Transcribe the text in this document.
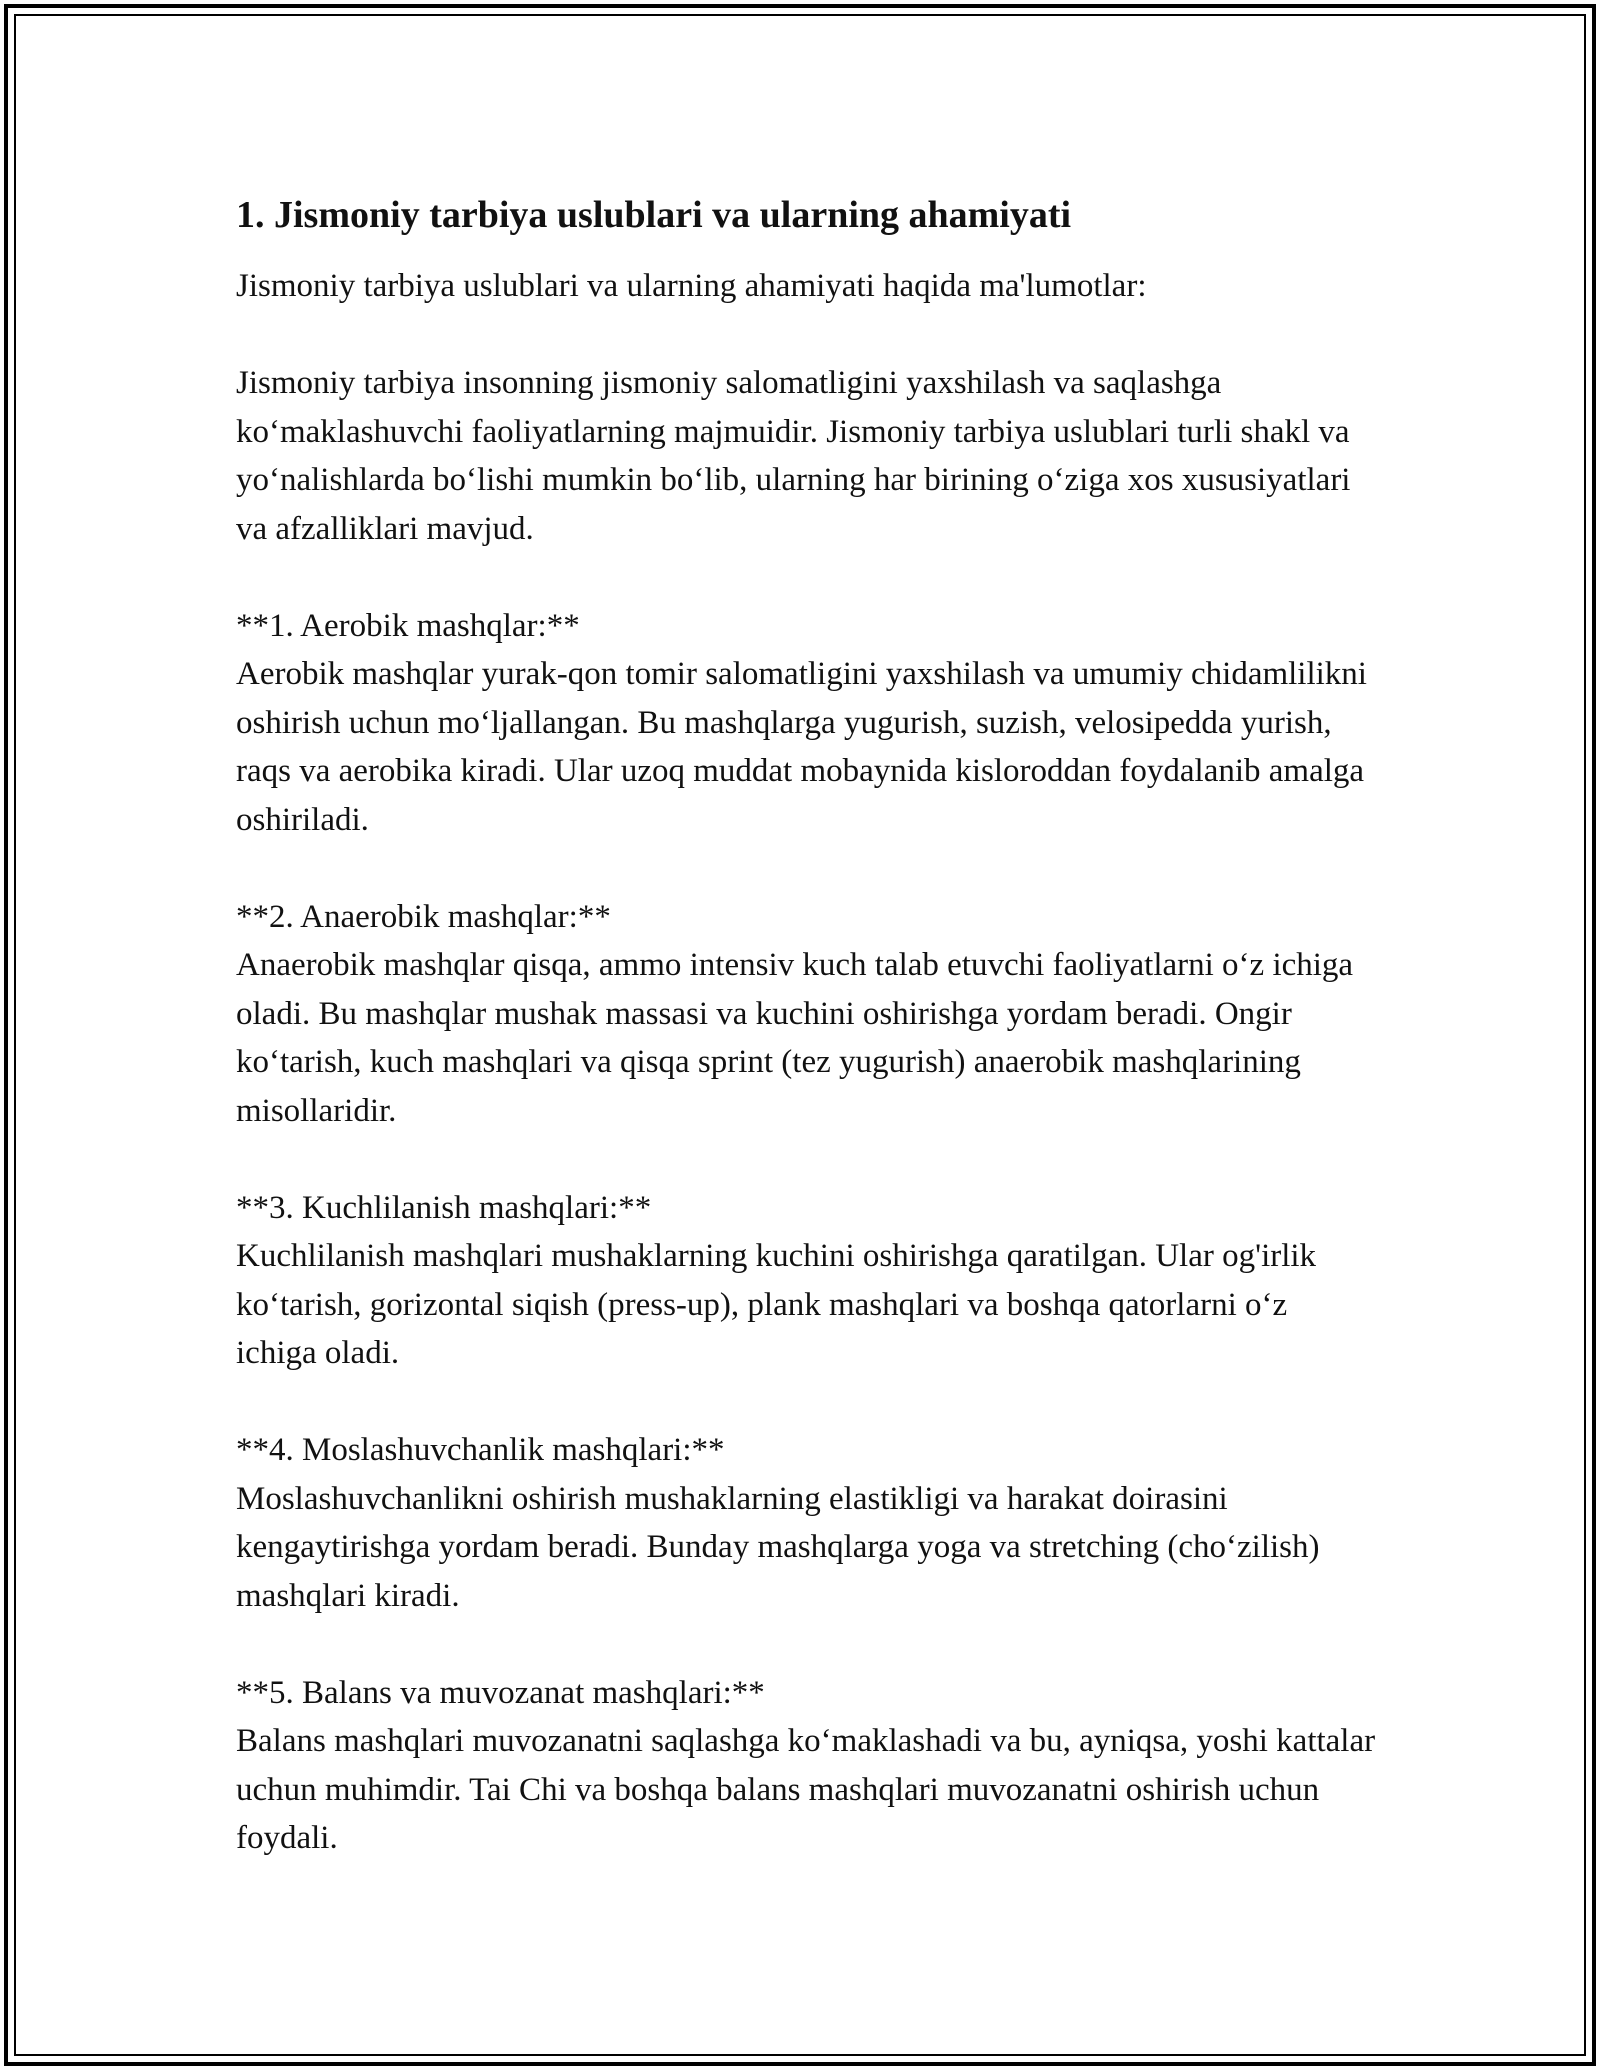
1. Jismoniy tarbiya uslublari va ularning ahamiyati

Jismoniy tarbiya uslublari va ularning ahamiyati haqida ma'lumotlar:

Jismoniy tarbiya insonning jismoniy salomatligini yaxshilash va saqlashga ko‘maklashuvchi faoliyatlarning majmuidir. Jismoniy tarbiya uslublari turli shakl va yo‘nalishlarda bo‘lishi mumkin bo‘lib, ularning har birining o‘ziga xos xususiyatlari va afzalliklari mavjud.

**1. Aerobik mashqlar:**

Aerobik mashqlar yurak-qon tomir salomatligini yaxshilash va umumiy chidamlilikni oshirish uchun mo‘ljallangan. Bu mashqlarga yugurish, suzish, velosipedda yurish, raqs va aerobika kiradi. Ular uzoq muddat mobaynida kisloroddan foydalanib amalga oshiriladi.

**2. Anaerobik mashqlar:**

Anaerobik mashqlar qisqa, ammo intensiv kuch talab etuvchi faoliyatlarni o‘z ichiga oladi. Bu mashqlar mushak massasi va kuchini oshirishga yordam beradi. Ongir ko‘tarish, kuch mashqlari va qisqa sprint (tez yugurish) anaerobik mashqlarining misollaridir.

**3. Kuchlilanish mashqlari:**

Kuchlilanish mashqlari mushaklarning kuchini oshirishga qaratilgan. Ular og'irlik ko‘tarish, gorizontal siqish (press-up), plank mashqlari va boshqa qatorlarni o‘z ichiga oladi.

**4. Moslashuvchanlik mashqlari:**

Moslashuvchanlikni oshirish mushaklarning elastikligi va harakat doirasini kengaytirishga yordam beradi. Bunday mashqlarga yoga va stretching (cho‘zilish) mashqlari kiradi.

**5. Balans va muvozanat mashqlari:**

Balans mashqlari muvozanatni saqlashga ko‘maklashadi va bu, ayniqsa, yoshi kattalar uchun muhimdir. Tai Chi va boshqa balans mashqlari muvozanatni oshirish uchun foydali.
